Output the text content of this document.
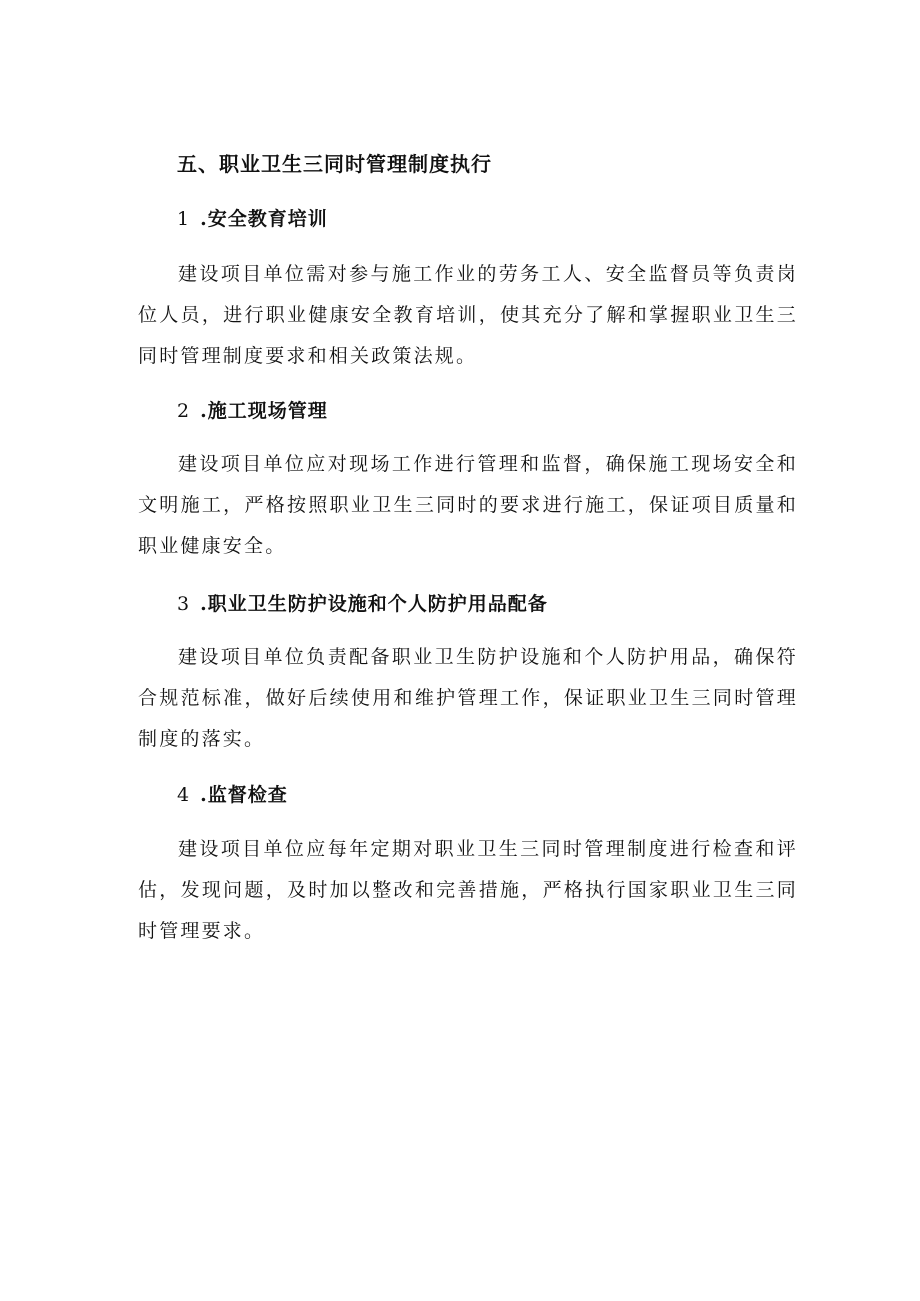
五、职业卫生三同时管理制度执行
1 .安全教育培训

建设项目单位需对参与施工作业的劳务工人、安全监督员等负责岗位人员，进行职业健康安全教育培训，使其充分了解和掌握职业卫生三同时管理制度要求和相关政策法规。

2 .施工现场管理

建设项目单位应对现场工作进行管理和监督，确保施工现场安全和文明施工，严格按照职业卫生三同时的要求进行施工，保证项目质量和职业健康安全。

3 .职业卫生防护设施和个人防护用品配备

建设项目单位负责配备职业卫生防护设施和个人防护用品，确保符合规范标准，做好后续使用和维护管理工作，保证职业卫生三同时管理制度的落实。

4 .监督检查

建设项目单位应每年定期对职业卫生三同时管理制度进行检查和评估，发现问题，及时加以整改和完善措施，严格执行国家职业卫生三同时管理要求。
